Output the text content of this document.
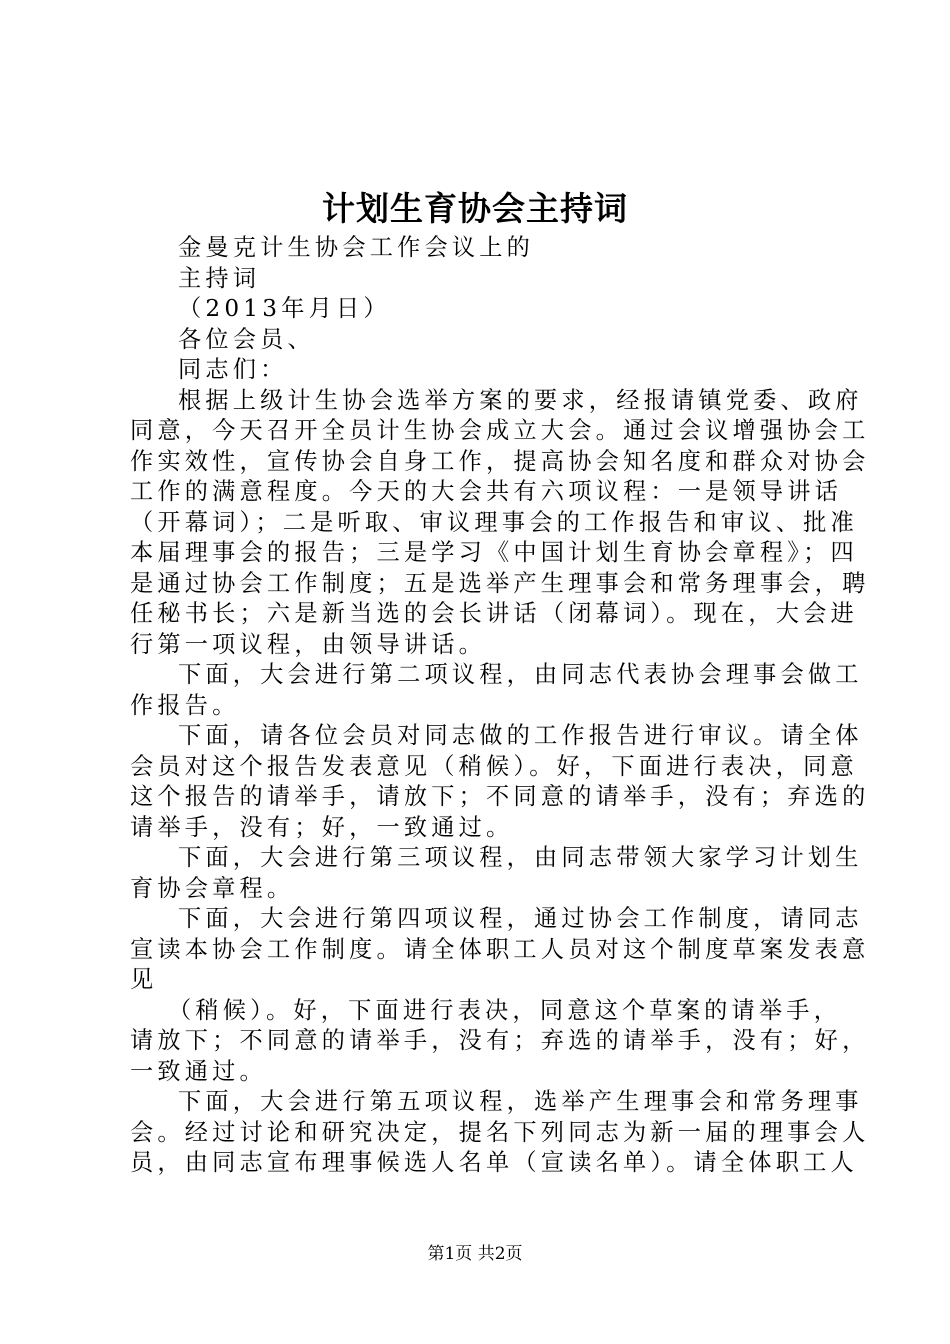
计划生育协会主持词
金曼克计生协会工作会议上的
主持词
（2013年月日）
各位会员、
同志们：
根据上级计生协会选举方案的要求，经报请镇党委、政府
同意，今天召开全员计生协会成立大会。通过会议增强协会工
作实效性，宣传协会自身工作，提高协会知名度和群众对协会
工作的满意程度。今天的大会共有六项议程：一是领导讲话
（开幕词）；二是听取、审议理事会的工作报告和审议、批准
本届理事会的报告；三是学习《中国计划生育协会章程》；四
是通过协会工作制度；五是选举产生理事会和常务理事会，聘
任秘书长；六是新当选的会长讲话（闭幕词）。现在，大会进
行第一项议程，由领导讲话。
下面，大会进行第二项议程，由同志代表协会理事会做工
作报告。
下面，请各位会员对同志做的工作报告进行审议。请全体
会员对这个报告发表意见（稍候）。好，下面进行表决，同意
这个报告的请举手，请放下；不同意的请举手，没有；弃选的
请举手，没有；好，一致通过。
下面，大会进行第三项议程，由同志带领大家学习计划生
育协会章程。
下面，大会进行第四项议程，通过协会工作制度，请同志
宣读本协会工作制度。请全体职工人员对这个制度草案发表意
见
（稍候）。好，下面进行表决，同意这个草案的请举手，
请放下；不同意的请举手，没有；弃选的请举手，没有；好，
一致通过。
下面，大会进行第五项议程，选举产生理事会和常务理事
会。经过讨论和研究决定，提名下列同志为新一届的理事会人
员，由同志宣布理事候选人名单（宣读名单）。请全体职工人
第1页 共2页
